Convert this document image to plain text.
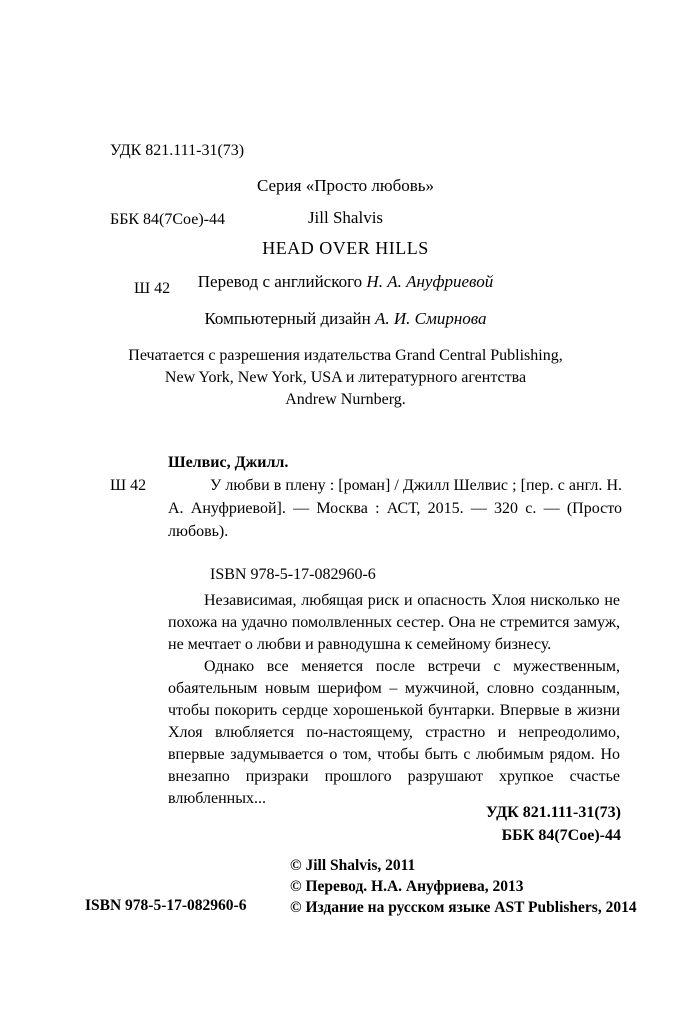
УДК 821.111-31(73)

ББК 84(7Сое)-44

Ш 42

Серия «Просто любовь»
Jill Shalvis
HEAD OVER HILLS
Перевод с английского Н. А. Ануфриевой
Компьютерный дизайн А. И. Смирнова
Печатается с разрешения издательства Grand Central Publishing,
New York, New York, USA и литературного агентства
Andrew Nurnberg.
Шелвис, Джилл.
Ш 42	У любви в плену : [роман] / Джилл Шелвис ; [пер. с англ. Н. А. Ануфриевой]. — Москва : АСТ, 2015. — 320 с. — (Просто любовь).
ISBN 978-5-17-082960-6

Независимая, любящая риск и опасность Хлоя нисколько не похожа на удачно помолвленных сестер. Она не стремится замуж, не мечтает о любви и равнодушна к семейному бизнесу.

Однако все меняется после встречи с мужественным, обаятельным новым шерифом – мужчиной, словно созданным, чтобы покорить сердце хорошенькой бунтарки. Впервые в жизни Хлоя влюбляется по-настоящему, страстно и непреодолимо, впервые задумывается о том, чтобы быть с любимым рядом. Но внезапно призраки прошлого разрушают хрупкое счастье влюбленных...

УДК 821.111-31(73)
ББК 84(7Сое)-44
© Jill Shalvis, 2011
© Перевод. Н.А. Ануфриева, 2013
© Издание на русском языке AST Publishers, 2014
ISBN 978-5-17-082960-6
